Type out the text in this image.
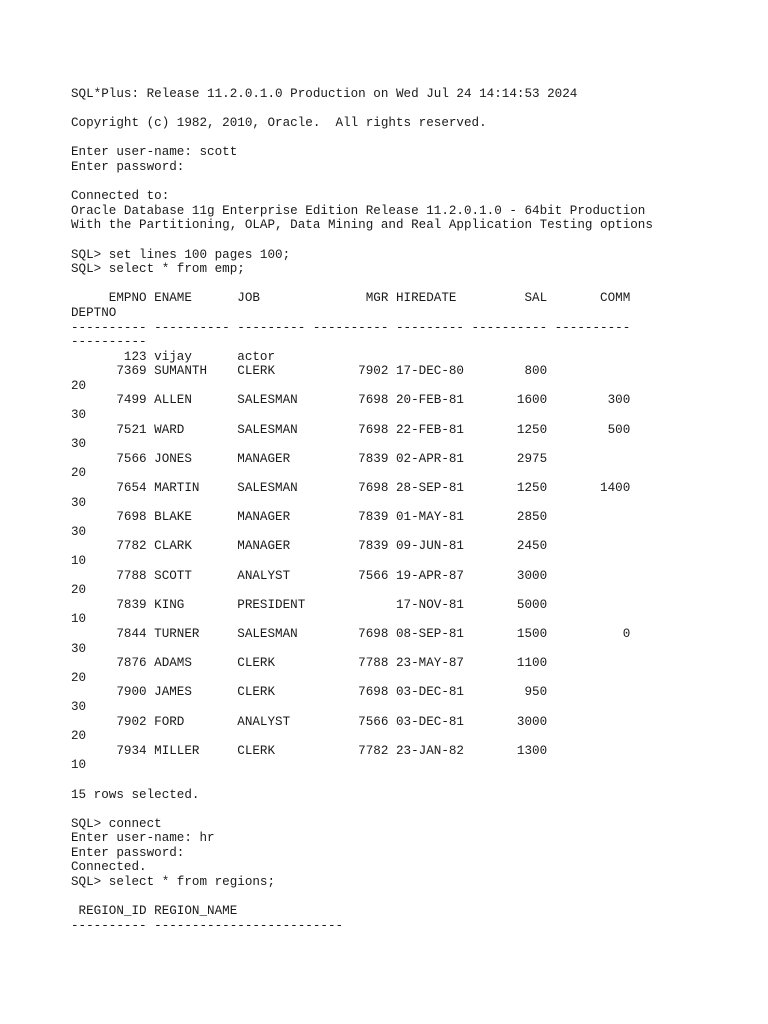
SQL*Plus: Release 11.2.0.1.0 Production on Wed Jul 24 14:14:53 2024
Copyright (c) 1982, 2010, Oracle.  All rights reserved.
Enter user-name: scott
Enter password:
Connected to:
Oracle Database 11g Enterprise Edition Release 11.2.0.1.0 - 64bit Production
With the Partitioning, OLAP, Data Mining and Real Application Testing options
SQL> set lines 100 pages 100;
SQL> select * from emp;
EMPNO ENAME      JOB              MGR HIREDATE         SAL       COMM
DEPTNO
---------- ---------- --------- ---------- --------- ---------- ----------
----------
123 vijay      actor
7369 SUMANTH    CLERK           7902 17-DEC-80        800
20
7499 ALLEN      SALESMAN        7698 20-FEB-81       1600        300
30
7521 WARD       SALESMAN        7698 22-FEB-81       1250        500
30
7566 JONES      MANAGER         7839 02-APR-81       2975
20
7654 MARTIN     SALESMAN        7698 28-SEP-81       1250       1400
30
7698 BLAKE      MANAGER         7839 01-MAY-81       2850
30
7782 CLARK      MANAGER         7839 09-JUN-81       2450
10
7788 SCOTT      ANALYST         7566 19-APR-87       3000
20
7839 KING       PRESIDENT            17-NOV-81       5000
10
7844 TURNER     SALESMAN        7698 08-SEP-81       1500          0
30
7876 ADAMS      CLERK           7788 23-MAY-87       1100
20
7900 JAMES      CLERK           7698 03-DEC-81        950
30
7902 FORD       ANALYST         7566 03-DEC-81       3000
20
7934 MILLER     CLERK           7782 23-JAN-82       1300
10
15 rows selected.
SQL> connect
Enter user-name: hr
Enter password:
Connected.
SQL> select * from regions;
REGION_ID REGION_NAME
---------- -------------------------
